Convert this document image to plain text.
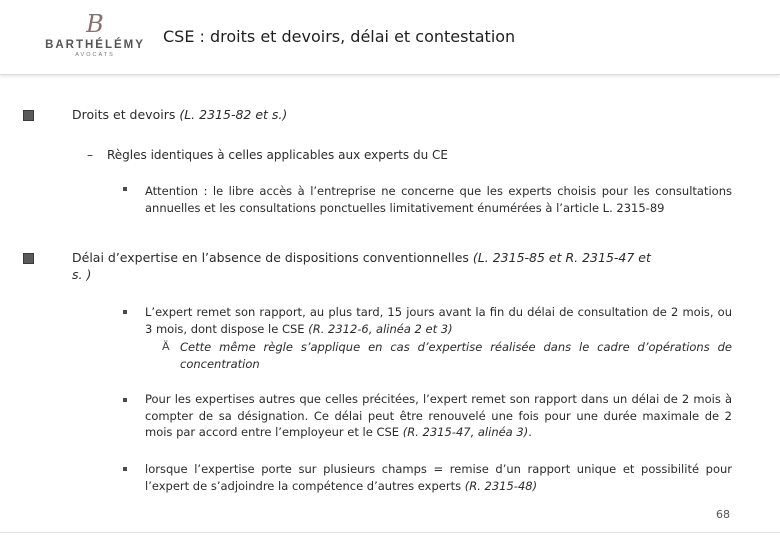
B
BARTHÉLÉMY
AVOCATS
CSE : droits et devoirs, délai et contestation
Droits et devoirs (L. 2315-82 et s.)
– Règles identiques à celles applicables aux experts du CE
Attention : le libre accès à l’entreprise ne concerne que les experts choisis pour les consultations annuelles et les consultations ponctuelles limitativement énumérées à l’article L. 2315-89
Délai d’expertise en l’absence de dispositions conventionnelles (L. 2315-85 et R. 2315-47 et
s. )
L’expert remet son rapport, au plus tard, 15 jours avant la fin du délai de consultation de 2 mois, ou 3 mois, dont dispose le CSE (R. 2312-6, alinéa 2 et 3)
Ä Cette même règle s’applique en cas d’expertise réalisée dans le cadre d’opérations de concentration
Pour les expertises autres que celles précitées, l’expert remet son rapport dans un délai de 2 mois à compter de sa désignation. Ce délai peut être renouvelé une fois pour une durée maximale de 2 mois par accord entre l’employeur et le CSE (R. 2315-47, alinéa 3).
lorsque l’expertise porte sur plusieurs champs = remise d’un rapport unique et possibilité pour l’expert de s’adjoindre la compétence d’autres experts (R. 2315-48)
68
